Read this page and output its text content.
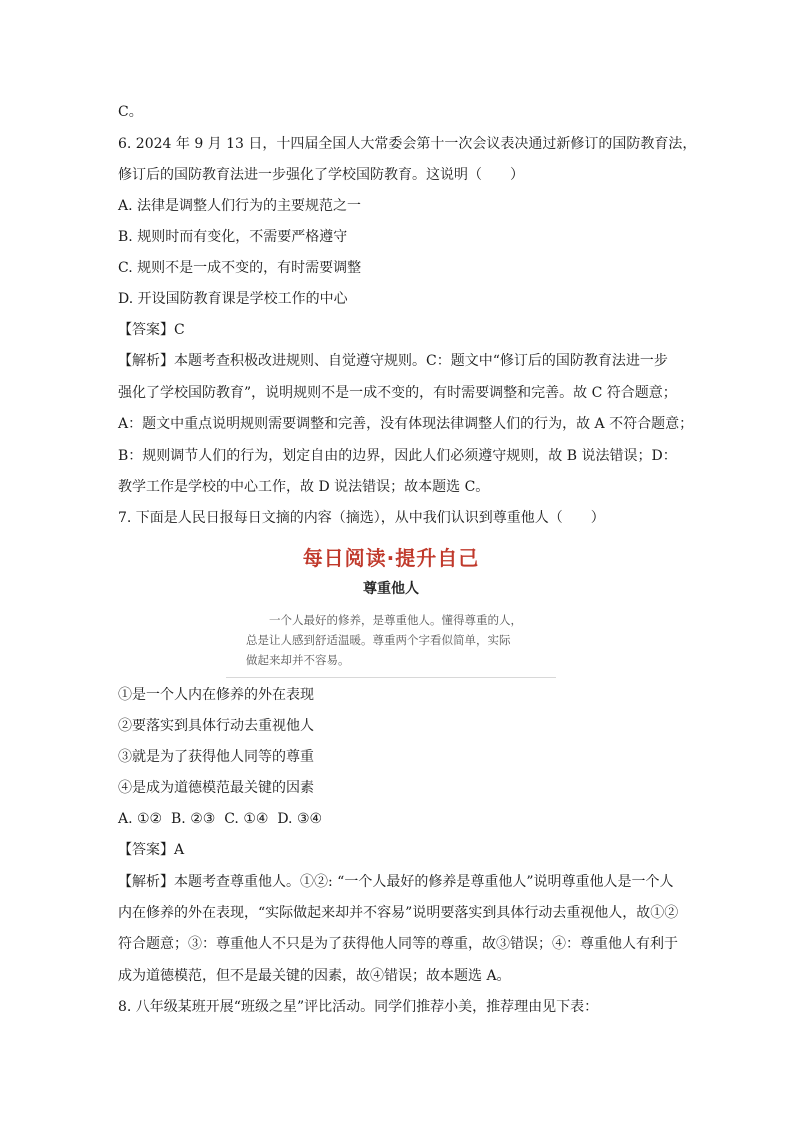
C。
6. 2024 年 9 月 13 日，十四届全国人大常委会第十一次会议表决通过新修订的国防教育法，
修订后的国防教育法进一步强化了学校国防教育。这说明（　　）
A. 法律是调整人们行为的主要规范之一
B. 规则时而有变化，不需要严格遵守
C. 规则不是一成不变的，有时需要调整
D. 开设国防教育课是学校工作的中心
【答案】C
【解析】本题考查积极改进规则、自觉遵守规则。C：题文中“修订后的国防教育法进一步
强化了学校国防教育”，说明规则不是一成不变的，有时需要调整和完善。故 C 符合题意；
A：题文中重点说明规则需要调整和完善，没有体现法律调整人们的行为，故 A 不符合题意；
B：规则调节人们的行为，划定自由的边界，因此人们必须遵守规则，故 B 说法错误；D：
教学工作是学校的中心工作，故 D 说法错误；故本题选 C。
7. 下面是人民日报每日文摘的内容（摘选），从中我们认识到尊重他人（　　）
每日阅读·提升自己
尊重他人
　　一个人最好的修养，是尊重他人。懂得尊重的人，
总是让人感到舒适温暖。尊重两个字看似简单，实际
做起来却并不容易。
①是一个人内在修养的外在表现
②要落实到具体行动去重视他人
③就是为了获得他人同等的尊重
④是成为道德模范最关键的因素
A. ①②  B. ②③  C. ①④  D. ③④
【答案】A
【解析】本题考查尊重他人。①②: “一个人最好的修养是尊重他人”说明尊重他人是一个人
内在修养的外在表现，“实际做起来却并不容易”说明要落实到具体行动去重视他人，故①②
符合题意；③：尊重他人不只是为了获得他人同等的尊重，故③错误；④：尊重他人有利于
成为道德模范，但不是最关键的因素，故④错误；故本题选 A。
8. 八年级某班开展“班级之星”评比活动。同学们推荐小美，推荐理由见下表：
